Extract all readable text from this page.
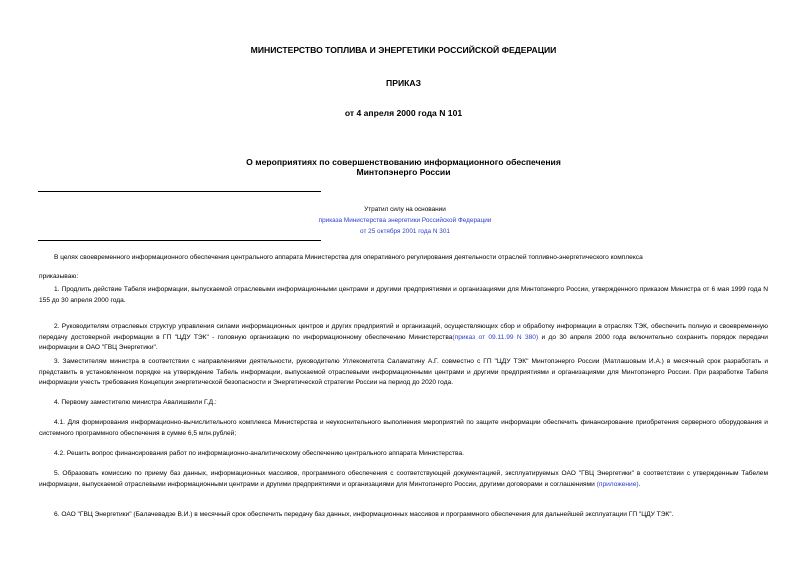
МИНИСТЕРСТВО ТОПЛИВА И ЭНЕРГЕТИКИ РОССИЙСКОЙ ФЕДЕРАЦИИ
ПРИКАЗ
от 4 апреля 2000 года N 101
О мероприятиях по совершенствованию информационного обеспечения
Минтопэнерго России
Утратил силу на основании
приказа Министерства энергетики Российской Федерации
от 25 октября 2001 года N 301
В целях своевременного информационного обеспечения центрального аппарата Министерства для оперативного регулирования деятельности отраслей топливно-энергетического комплекса
приказываю:
1. Продлить действие Табеля информации, выпускаемой отраслевыми информационными центрами и другими предприятиями и организациями для Минтопэнерго России, утвержденного приказом Министра от 6 мая 1999 года N 155 до 30 апреля 2000 года.
2. Руководителям отраслевых структур управления силами информационных центров и других предприятий и организаций, осуществляющих сбор и обработку информации в отраслях ТЭК, обеспечить полную и своевременную передачу достоверной информации в ГП "ЦДУ ТЭК" - головную организацию по информационному обеспечению Министерства(приказ от 09.11.99 N 380) и до 30 апреля 2000 года включительно сохранить порядок передачи информации в ОАО "ГВЦ Энергетики".
3. Заместителям министра в соответствии с направлениями деятельности, руководителю Углекомитета Саламатину А.Г. совместно с ГП "ЦДУ ТЭК" Минтопэнерго России (Матлашовым И.А.) в месячный срок разработать и представить в установленном порядке на утверждение Табель информации, выпускаемой отраслевыми информационными центрами и другими предприятиями и организациями для Минтопэнерго России. При разработке Табеля информации учесть требования Концепции энергетической безопасности и Энергетической стратегии России на период до 2020 года.
4. Первому заместителю министра Авалишвили Г.Д.:
4.1. Для формирования информационно-вычислительного комплекса Министерства и неукоснительного выполнения мероприятий по защите информации обеспечить финансирование приобретения серверного оборудования и системного программного обеспечения в сумме 6,5 млн.рублей;
4.2. Решить вопрос финансирования работ по информационно-аналитическому обеспечению центрального аппарата Министерства.
5. Образовать комиссию по приему баз данных, информационных массивов, программного обеспечения с соответствующей документацией, эксплуатируемых ОАО "ГВЦ Энергетики" в соответствии с утвержденным Табелем информации, выпускаемой отраслевыми информационными центрами и другими предприятиями и организациями для Минтопэнерго России, другими договорами и соглашениями (приложение).
6. ОАО "ГВЦ Энергетики" (Балачевадзе В.И.) в месячный срок обеспечить передачу баз данных, информационных массивов и программного обеспечения для дальнейшей эксплуатации ГП "ЦДУ ТЭК".
